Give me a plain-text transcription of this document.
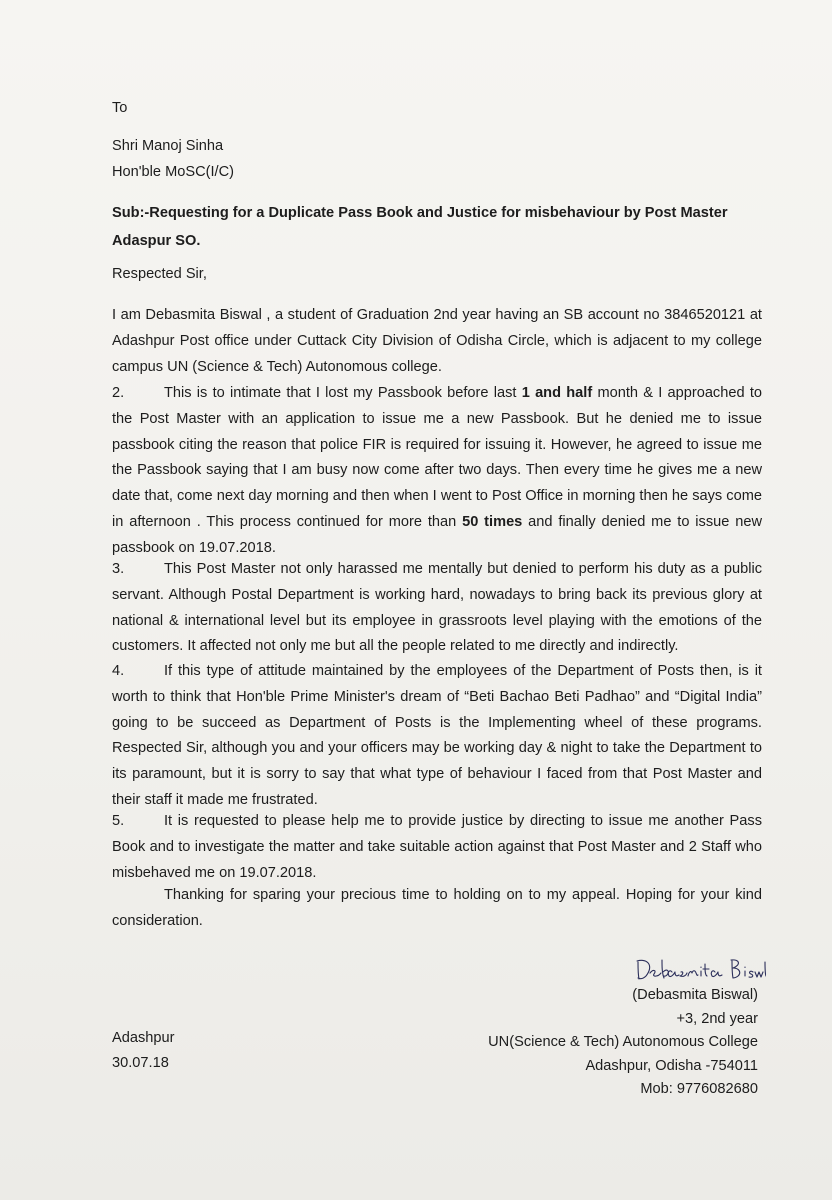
To
Shri Manoj Sinha
Hon'ble MoSC(I/C)
Sub:-Requesting for a Duplicate Pass Book and Justice for misbehaviour by Post Master Adaspur SO.
Respected Sir,
I am Debasmita Biswal , a student of Graduation 2nd year having an SB account no 3846520121 at Adashpur Post office under Cuttack City Division of Odisha Circle, which is adjacent to my college campus UN (Science & Tech) Autonomous college.
2.	This is to intimate that I lost my Passbook before last 1 and half month & I approached to the Post Master with an application to issue me a new Passbook. But he denied me to issue passbook citing the reason that police FIR is required for issuing it. However, he agreed to issue me the Passbook saying that I am busy now come after two days. Then every time he gives me a new date that, come next day morning and then when I went to Post Office in morning then he says come in afternoon . This process continued for more than 50 times and finally denied me to issue new passbook on 19.07.2018.
3.	This Post Master not only harassed me mentally but denied to perform his duty as a public servant. Although Postal Department is working hard, nowadays to bring back its previous glory at national & international level but its employee in grassroots level playing with the emotions of the customers. It affected not only me but all the people related to me directly and indirectly.
4.	If this type of attitude maintained by the employees of the Department of Posts then, is it worth to think that Hon'ble Prime Minister's dream of “Beti Bachao Beti Padhao” and “Digital India” going to be succeed as Department of Posts is the Implementing wheel of these programs. Respected Sir, although you and your officers may be working day & night to take the Department to its paramount, but it is sorry to say that what type of behaviour I faced from that Post Master and their staff it made me frustrated.
5.	It is requested to please help me to provide justice by directing to issue me another Pass Book and to investigate the matter and take suitable action against that Post Master and 2 Staff who misbehaved me on 19.07.2018.
Thanking for sparing your precious time to holding on to my appeal. Hoping for your kind consideration.
(Debasmita Biswal)
+3, 2nd year
UN(Science & Tech) Autonomous College
Adashpur, Odisha -754011
Mob: 9776082680
Adashpur
30.07.18
